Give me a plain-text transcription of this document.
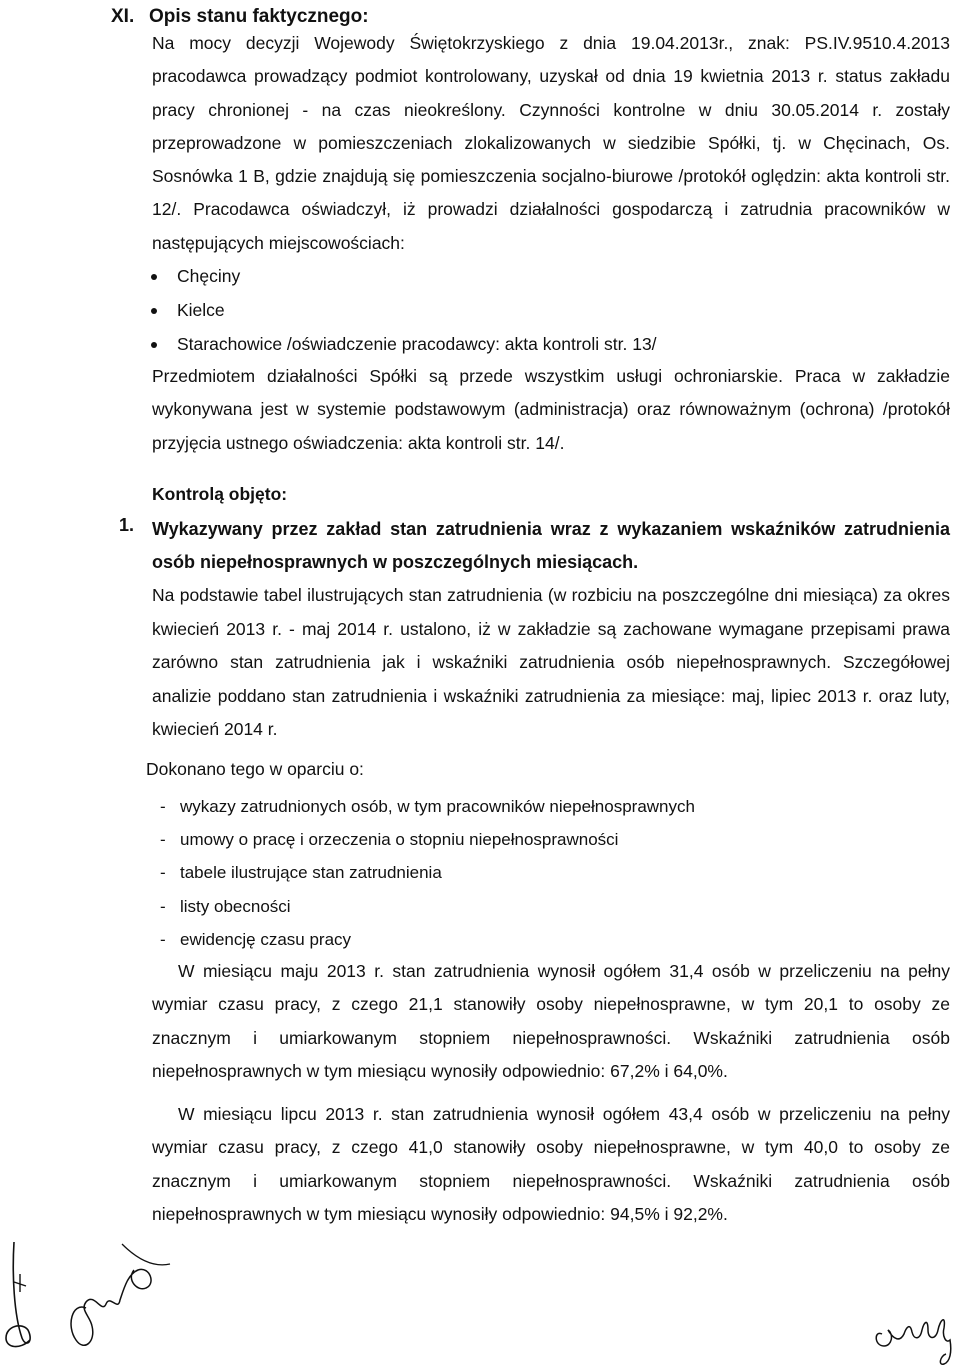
XI. Opis stanu faktycznego:
Na mocy decyzji Wojewody Świętokrzyskiego z dnia 19.04.2013r., znak: PS.IV.9510.4.2013 pracodawca prowadzący podmiot kontrolowany, uzyskał od dnia 19 kwietnia 2013 r. status zakładu pracy chronionej - na czas nieokreślony. Czynności kontrolne w dniu 30.05.2014 r. zostały przeprowadzone w pomieszczeniach zlokalizowanych w siedzibie Spółki, tj. w Chęcinach, Os. Sosnówka 1 B, gdzie znajdują się pomieszczenia socjalno-biurowe /protokół oględzin: akta kontroli str. 12/. Pracodawca oświadczył, iż prowadzi działalności gospodarczą i zatrudnia pracowników w następujących miejscowościach:
Chęciny
Kielce
Starachowice /oświadczenie pracodawcy: akta kontroli str. 13/
Przedmiotem działalności Spółki są przede wszystkim usługi ochroniarskie. Praca w zakładzie wykonywana jest w systemie podstawowym (administracja) oraz równoważnym (ochrona) /protokół przyjęcia ustnego oświadczenia: akta kontroli str. 14/.
Kontrolą objęto:
1. Wykazywany przez zakład stan zatrudnienia wraz z wykazaniem wskaźników zatrudnienia osób niepełnosprawnych w poszczególnych miesiącach.
Na podstawie tabel ilustrujących stan zatrudnienia (w rozbiciu na poszczególne dni miesiąca) za okres kwiecień 2013 r. - maj 2014 r. ustalono, iż w zakładzie są zachowane wymagane przepisami prawa zarówno stan zatrudnienia jak i wskaźniki zatrudnienia osób niepełnosprawnych. Szczegółowej analizie poddano stan zatrudnienia i wskaźniki zatrudnienia za miesiące: maj, lipiec 2013 r. oraz luty, kwiecień 2014 r.
Dokonano tego w oparciu o:
- wykazy zatrudnionych osób, w tym pracowników niepełnosprawnych
- umowy o pracę i orzeczenia o stopniu niepełnosprawności
- tabele ilustrujące stan zatrudnienia
- listy obecności
- ewidencję czasu pracy
W miesiącu maju 2013 r. stan zatrudnienia wynosił ogółem 31,4 osób w przeliczeniu na pełny wymiar czasu pracy, z czego 21,1 stanowiły osoby niepełnosprawne, w tym 20,1 to osoby ze znacznym i umiarkowanym stopniem niepełnosprawności. Wskaźniki zatrudnienia osób niepełnosprawnych w tym miesiącu wynosiły odpowiednio: 67,2% i 64,0%.
W miesiącu lipcu 2013 r. stan zatrudnienia wynosił ogółem 43,4 osób w przeliczeniu na pełny wymiar czasu pracy, z czego 41,0 stanowiły osoby niepełnosprawne, w tym 40,0 to osoby ze znacznym i umiarkowanym stopniem niepełnosprawności. Wskaźniki zatrudnienia osób niepełnosprawnych w tym miesiącu wynosiły odpowiednio: 94,5% i 92,2%.
